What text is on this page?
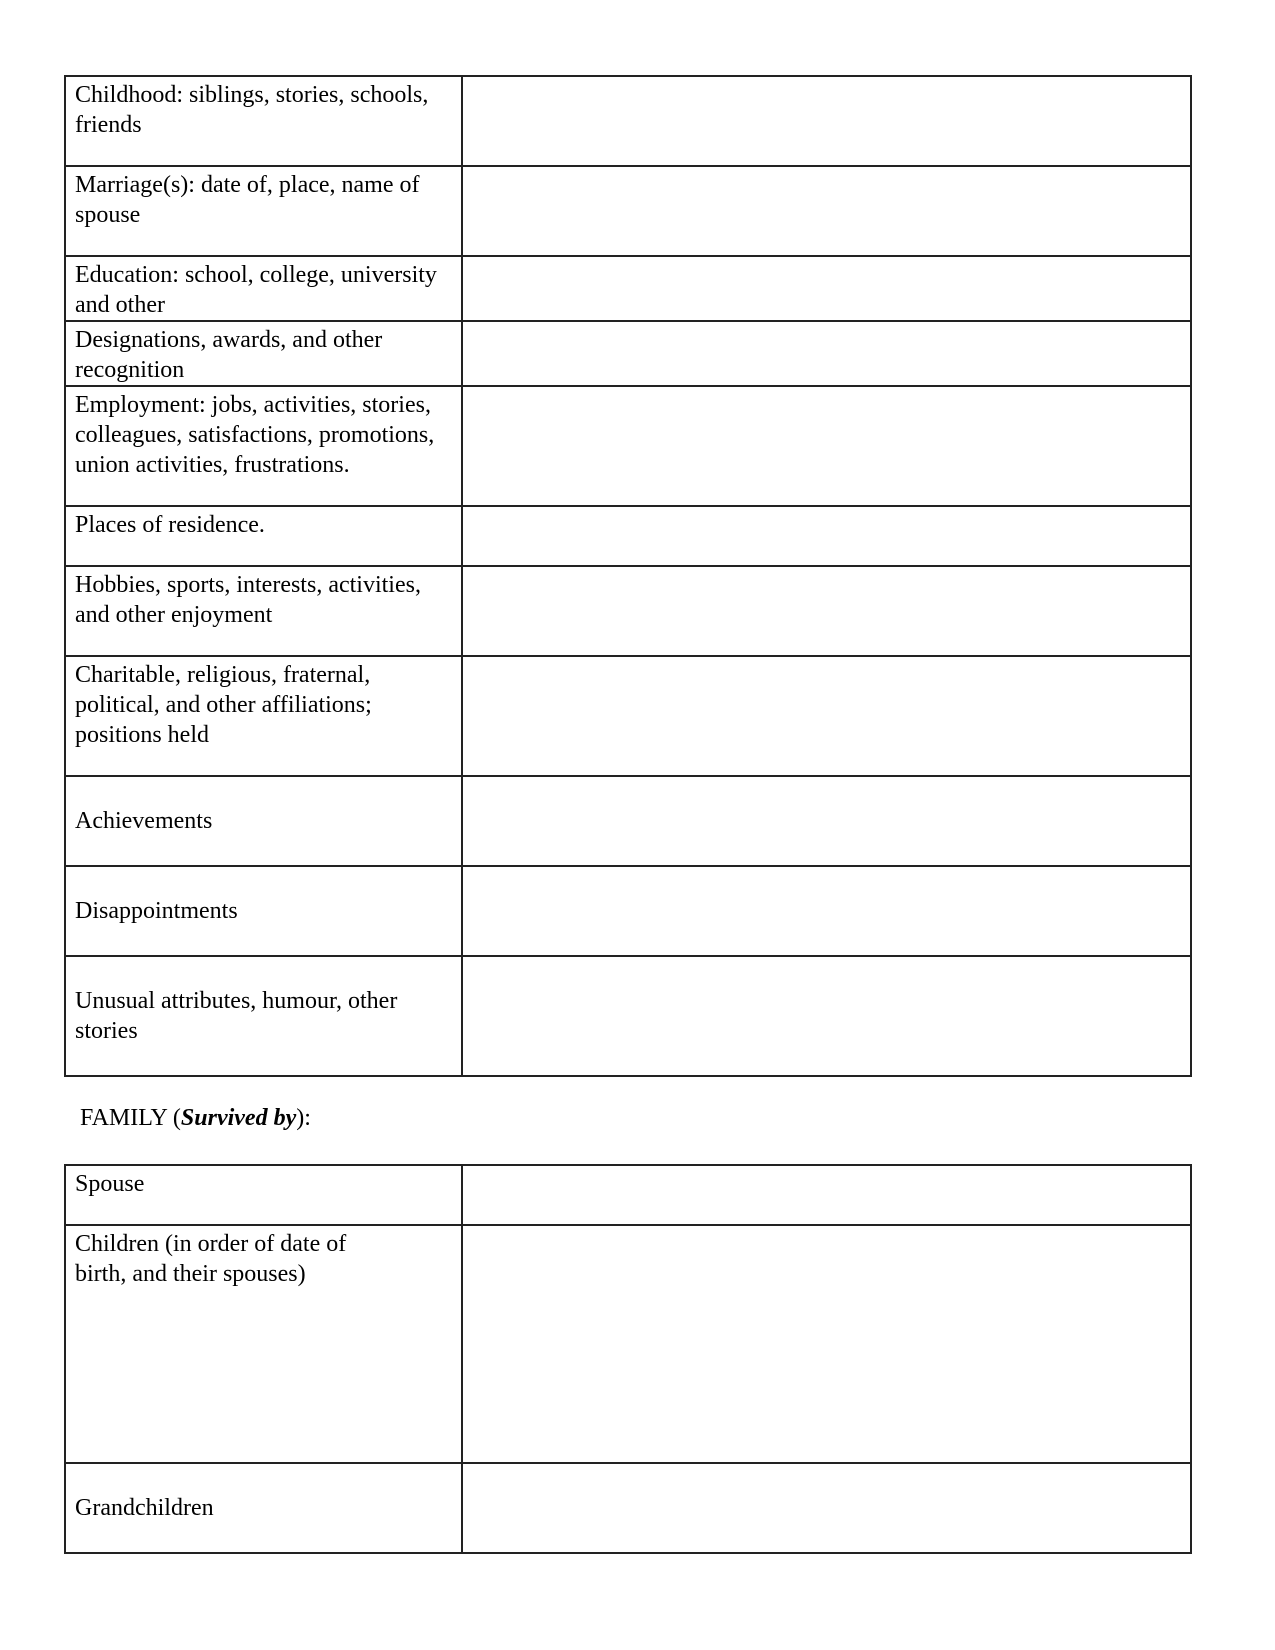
Childhood: siblings, stories, schools, friends	
Marriage(s): date of, place, name of spouse	
Education: school, college, university and other	
Designations, awards, and other recognition	
Employment: jobs, activities, stories, colleagues, satisfactions, promotions, union activities, frustrations.	
Places of residence.	
Hobbies, sports, interests, activities, and other enjoyment	
Charitable, religious, fraternal, political, and other affiliations; positions held	
Achievements	
Disappointments	
Unusual attributes, humour, other stories	
FAMILY (Survived by):
Spouse	
Children (in order of date of birth, and their spouses)	
Grandchildren	
